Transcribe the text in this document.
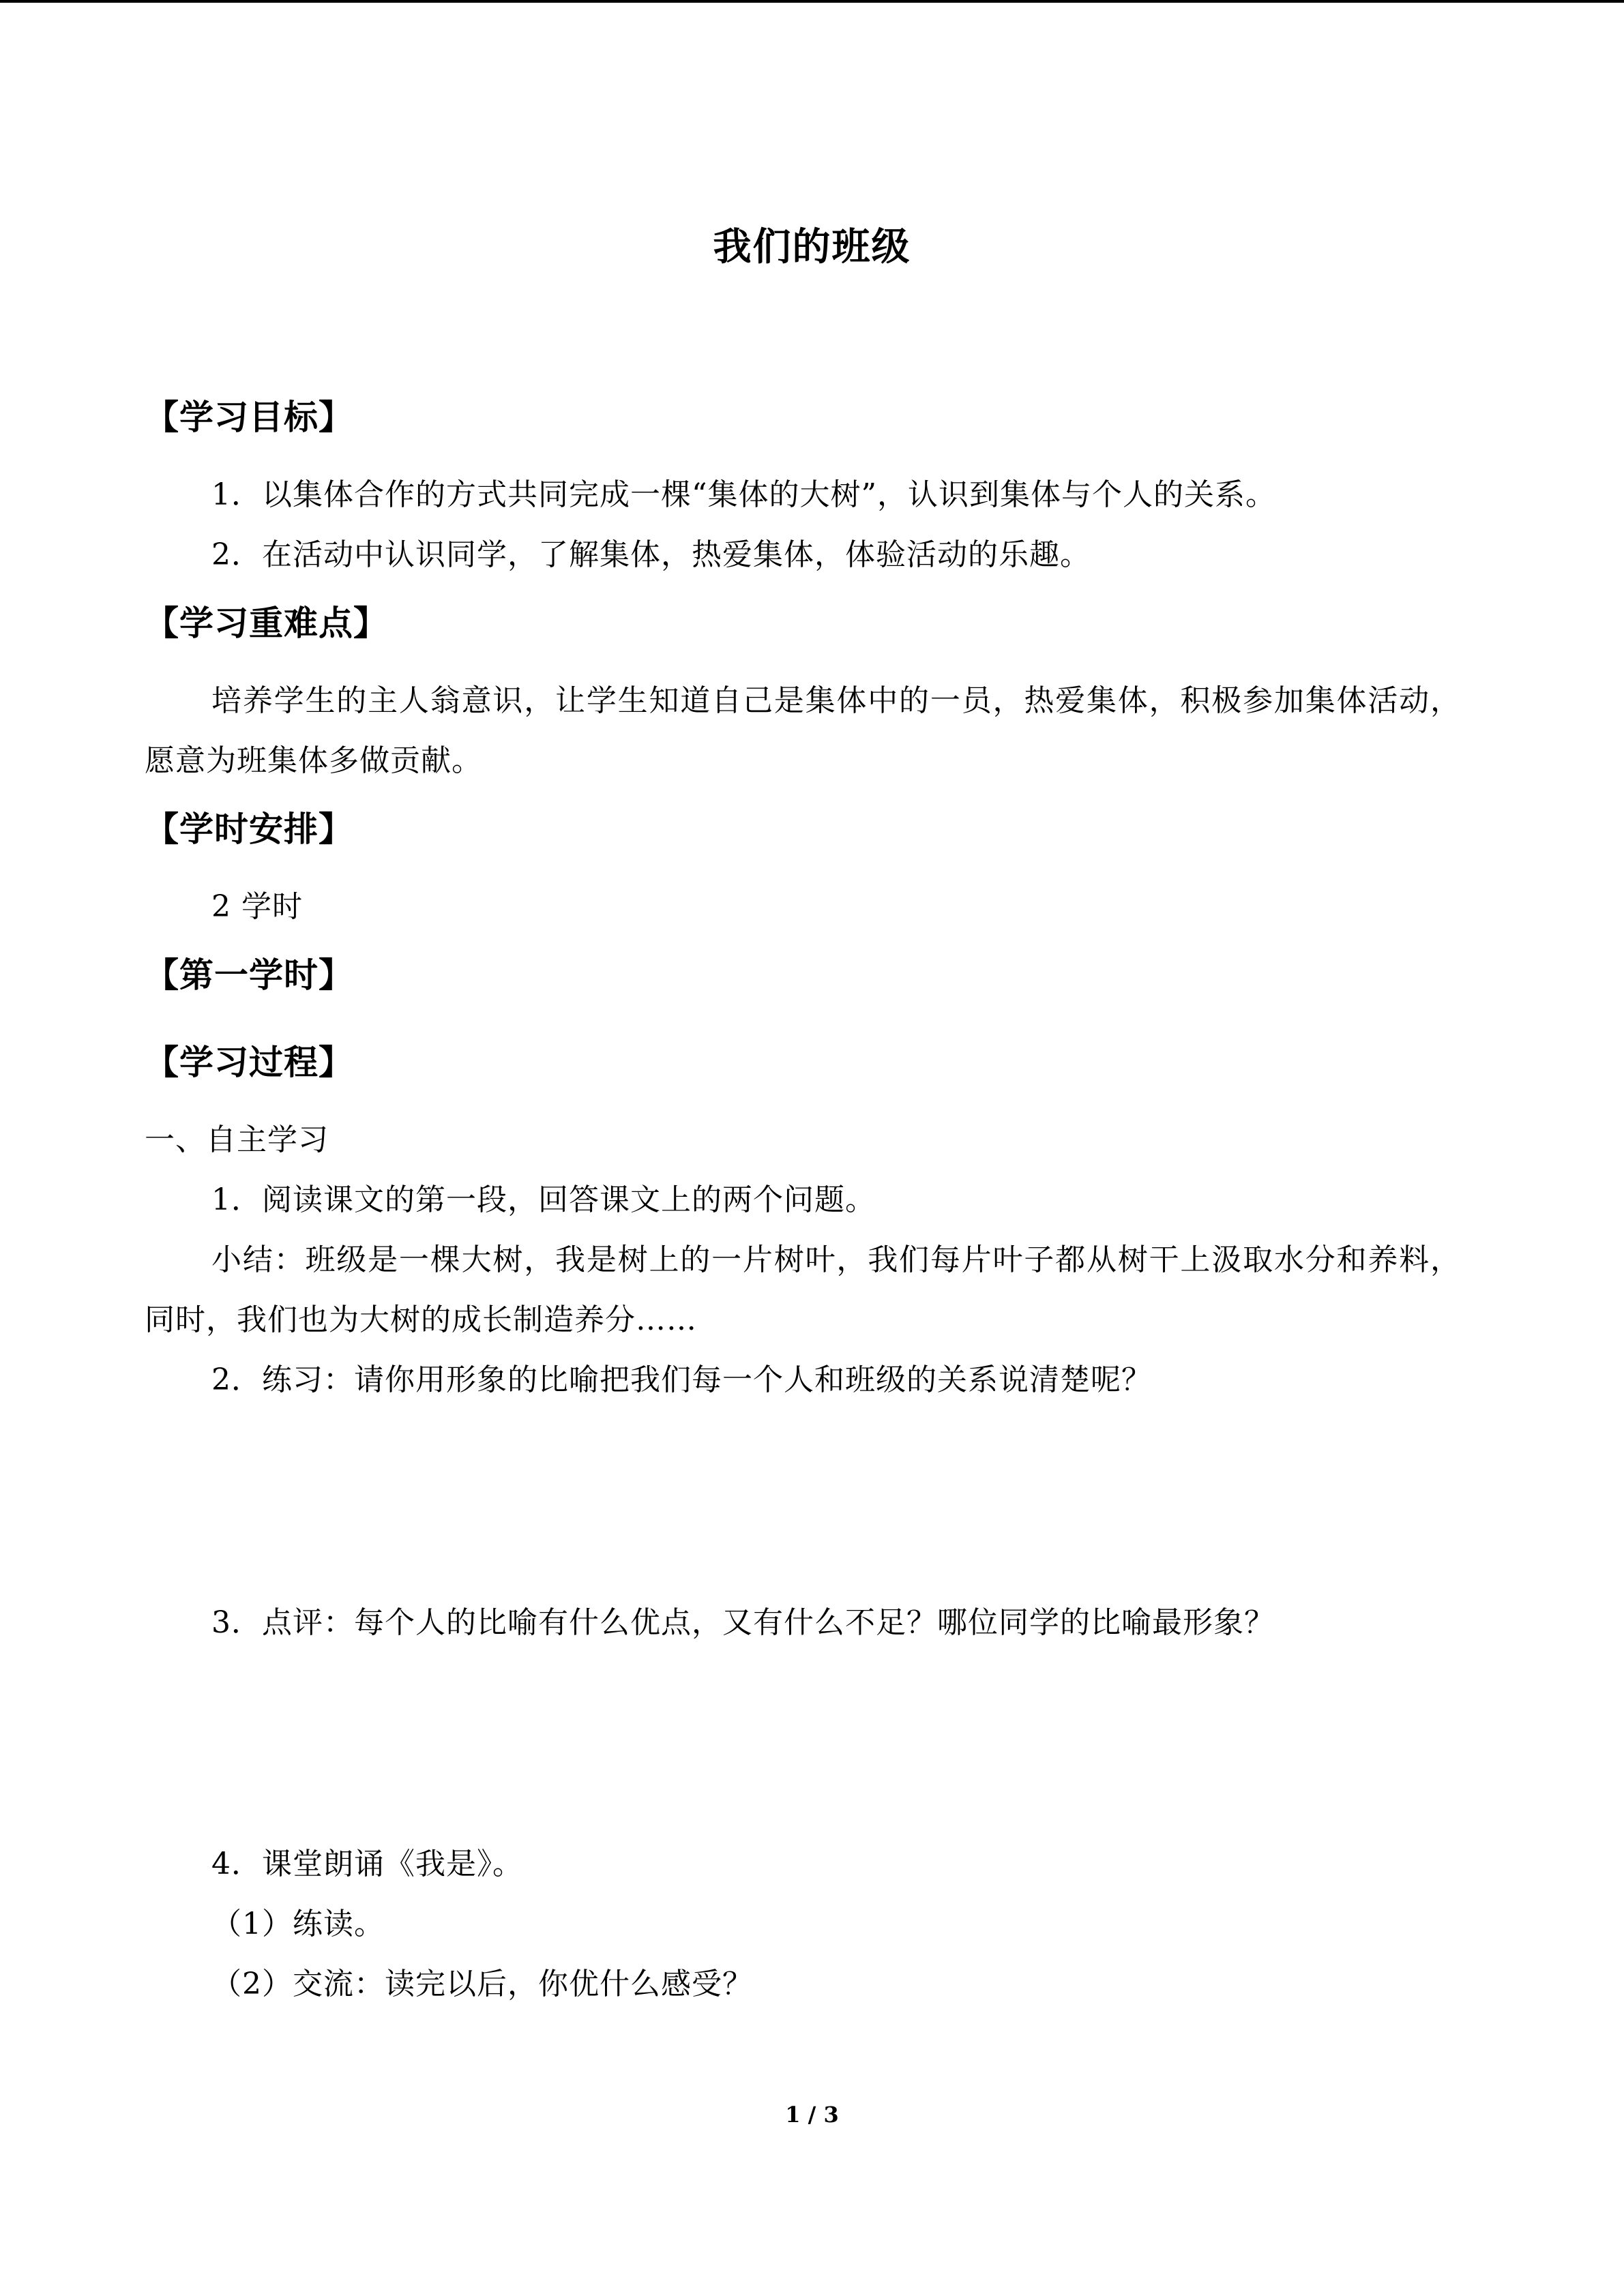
我们的班级
【学习目标】
1．以集体合作的方式共同完成一棵“集体的大树”，认识到集体与个人的关系。
2．在活动中认识同学，了解集体，热爱集体，体验活动的乐趣。
【学习重难点】
培养学生的主人翁意识，让学生知道自己是集体中的一员，热爱集体，积极参加集体活动，愿意为班集体多做贡献。
【学时安排】
2 学时
【第一学时】
【学习过程】
一、自主学习
1．阅读课文的第一段，回答课文上的两个问题。
小结：班级是一棵大树，我是树上的一片树叶，我们每片叶子都从树干上汲取水分和养料，同时，我们也为大树的成长制造养分……
2．练习：请你用形象的比喻把我们每一个人和班级的关系说清楚呢？
3．点评：每个人的比喻有什么优点，又有什么不足？哪位同学的比喻最形象？
4．课堂朗诵《我是》。
（1）练读。
（2）交流：读完以后，你优什么感受？
1 / 3
